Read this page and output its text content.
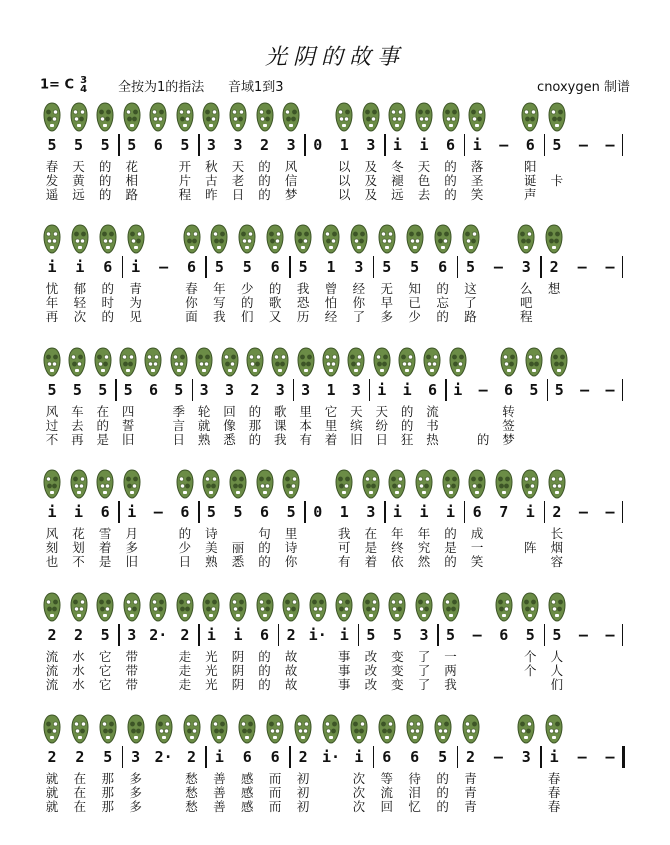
光阴的故事
1= C 3
4 全按为1的指法 音域1到3̇	cnoxygen 制谱
5	5	5	5	6	5	3	3	2	3	0	1	3	i	i	6	i	–	6	5	–	–
春	天	的	花	开	秋	天	的	风	以	及	冬	天	的	落	阳
发	黄	的	相	片	古	老	的	信	以	及	褪	色	的	圣	诞	卡
遥	远	的	路	程	昨	日	的	梦	以	及	远	去	的	笑	声
i	i	6	i	–	6	5	5	6	5	1	3	5	5	6	5	–	3	2	–	–
忧	郁	的	青	春	年	少	的	我	曾	经	无	知	的	这	么	想
年	轻	时	为	你	写	的	歌	恐	怕	你	早	已	忘	了	吧
再	次	的	见	面	我	们	又	历	经	了	多	少	的	路	程
5	5	5	5	6	5	3	3	2	3	3	1	3	i	i	6	i	–	6	5	5	–	–
风	车	在	四	季	轮	回	的	歌	里	它	天	天	的	流	转
过	去	的	誓	言	就	像	那	课	本	里	缤	纷	的	书	签
不	再	是	旧	日	熟	悉	的	我	有	着	旧	日	狂	热	的	梦
i	i	6	i	–	6	5	5	6	5	0	1	3	i	i	i	6	7	i	2	–	–
风	花	雪	月	的	诗	句	里	我	在	年	年	的	成	长
刻	划	着	多	少	美	丽	的	诗	可	是	终	究	是	一	阵	烟
也	不	是	旧	日	熟	悉	的	你	有	着	依	然	的	笑	容
2	2	5	3 2· 2	i	i	6	2 i· i	5	5	3	5	–	6	5	5	–	–
流	水	它	带	走	光	阴	的	故	事	改	变	了	一	个	人
流	水	它	带	走	光	阴	的	故	事	改	变	了	两	个	人
流	水	它	带	走	光	阴	的	故	事	改	变	了	我	们
2	2	5	3 2· 2	i	6	6	2 i· i	6	6	5	2	–	3	i	–	–
就	在	那	多	愁	善	感	而	初	次	等	待	的	青	春
就	在	那	多	愁	善	感	而	初	次	流	泪	的	青	春
就	在	那	多	愁	善	感	而	初	次	回	忆	的	青	春
